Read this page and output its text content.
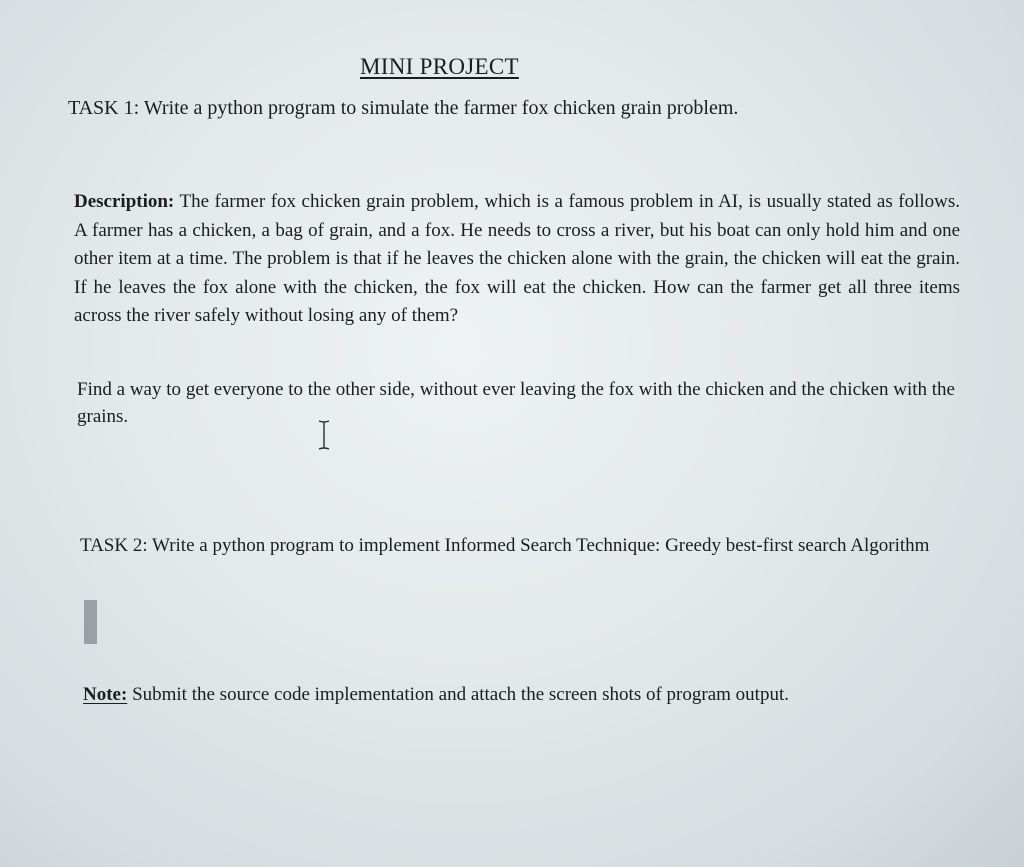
MINI PROJECT
TASK 1: Write a python program to simulate the farmer fox chicken grain problem.
Description: The farmer fox chicken grain problem, which is a famous problem in AI, is usually stated as follows. A farmer has a chicken, a bag of grain, and a fox. He needs to cross a river, but his boat can only hold him and one other item at a time. The problem is that if he leaves the chicken alone with the grain, the chicken will eat the grain. If he leaves the fox alone with the chicken, the fox will eat the chicken. How can the farmer get all three items across the river safely without losing any of them?
Find a way to get everyone to the other side, without ever leaving the fox with the chicken and the chicken with the grains.
TASK 2: Write a python program to implement Informed Search Technique: Greedy best-first search Algorithm
Note: Submit the source code implementation and attach the screen shots of program output.
